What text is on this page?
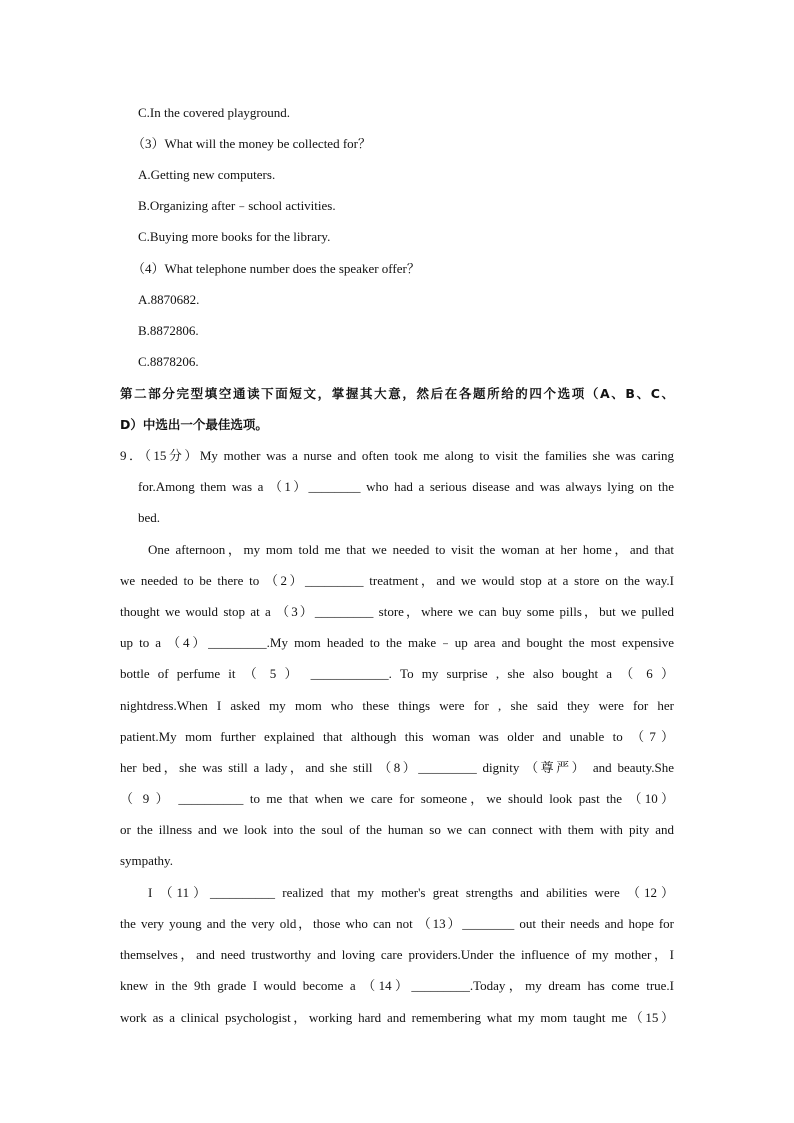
C.In the covered playground.
（3）What will the money be collected for？
A.Getting new computers.
B.Organizing after﹣school activities.
C.Buying more books for the library.
（4）What telephone number does the speaker offer？
A.8870682.
B.8872806.
C.8878206.
第二部分完型填空通读下面短文，掌握其大意，然后在各题所给的四个选项（A、B、C、
D）中选出一个最佳选项。
9．（15分）My mother was a nurse and often took me along to visit the families she was caring
for.Among them was a （1）________ who had a serious disease and was always lying on the
bed.
One afternoon，my mom told me that we needed to visit the woman at her home，and that
we needed to be there to （2）_________ treatment，and we would stop at a store on the way.I
thought we would stop at a （3）_________ store，where we can buy some pills，but we pulled
up to a （4）_________.My mom headed to the make﹣up area and bought the most expensive
bottle of perfume it （ 5 ） ____________. To my surprise , she also bought a （ 6 ）
nightdress.When I asked my mom who these things were for , she said they were for her
patient.My mom further explained that although this woman was older and unable to （7）
her bed，she was still a lady，and she still （8）_________ dignity （尊严） and beauty.She
（ 9 ） __________ to me that when we care for someone，we should look past the （10）
or the illness and we look into the soul of the human so we can connect with them with pity and
sympathy.
I （11）__________ realized that my mother's great strengths and abilities were （12）
the very young and the very old，those who can not （13）________ out their needs and hope for
themselves，and need trustworthy and loving care providers.Under the influence of my mother，I
knew in the 9th grade I would become a （14）_________.Today，my dream has come true.I
work as a clinical psychologist，working hard and remembering what my mom taught me（15）
